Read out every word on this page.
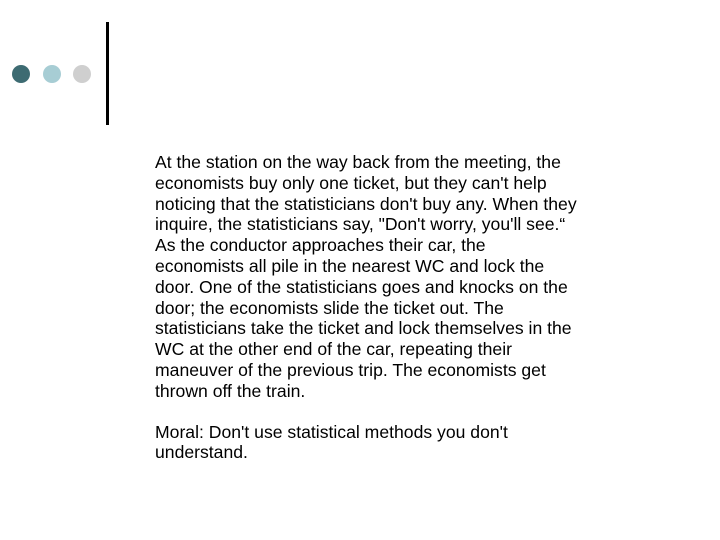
At the station on the way back from the meeting, the
economists buy only one ticket, but they can't help
noticing that the statisticians don't buy any. When they
inquire, the statisticians say, "Don't worry, you'll see.“

As the conductor approaches their car, the
economists all pile in the nearest WC and lock the
door. One of the statisticians goes and knocks on the
door; the economists slide the ticket out. The
statisticians take the ticket and lock themselves in the
WC at the other end of the car, repeating their
maneuver of the previous trip. The economists get
thrown off the train.

Moral: Don't use statistical methods you don't
understand.
